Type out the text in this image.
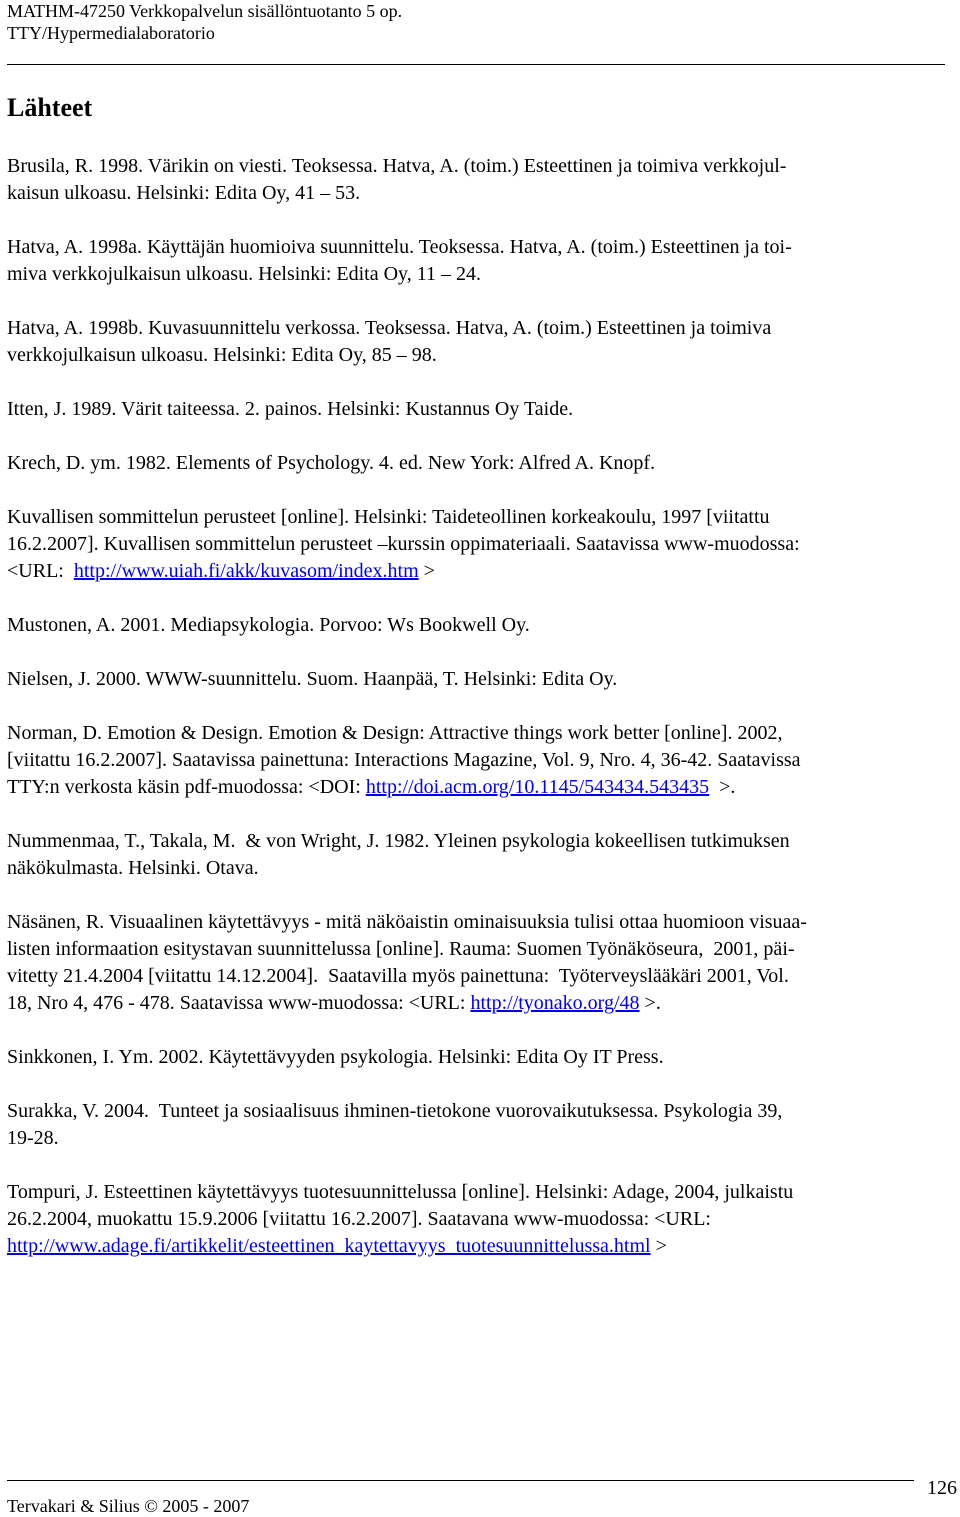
MATHM-47250 Verkkopalvelun sisällöntuotanto 5 op.
TTY/Hypermedialaboratorio
Lähteet
Brusila, R. 1998. Värikin on viesti. Teoksessa. Hatva, A. (toim.) Esteettinen ja toimiva verkkojul-
kaisun ulkoasu. Helsinki: Edita Oy, 41 – 53.
Hatva, A. 1998a. Käyttäjän huomioiva suunnittelu. Teoksessa. Hatva, A. (toim.) Esteettinen ja toi-
miva verkkojulkaisun ulkoasu. Helsinki: Edita Oy, 11 – 24.
Hatva, A. 1998b. Kuvasuunnittelu verkossa. Teoksessa. Hatva, A. (toim.) Esteettinen ja toimiva
verkkojulkaisun ulkoasu. Helsinki: Edita Oy, 85 – 98.
Itten, J. 1989. Värit taiteessa. 2. painos. Helsinki: Kustannus Oy Taide.
Krech, D. ym. 1982. Elements of Psychology. 4. ed. New York: Alfred A. Knopf.
Kuvallisen sommittelun perusteet [online]. Helsinki: Taideteollinen korkeakoulu, 1997 [viitattu
16.2.2007]. Kuvallisen sommittelun perusteet –kurssin oppimateriaali. Saatavissa www-muodossa:
<URL:  http://www.uiah.fi/akk/kuvasom/index.htm >
Mustonen, A. 2001. Mediapsykologia. Porvoo: Ws Bookwell Oy.
Nielsen, J. 2000. WWW-suunnittelu. Suom. Haanpää, T. Helsinki: Edita Oy.
Norman, D. Emotion & Design. Emotion & Design: Attractive things work better [online]. 2002,
[viitattu 16.2.2007]. Saatavissa painettuna: Interactions Magazine, Vol. 9, Nro. 4, 36-42. Saatavissa
TTY:n verkosta käsin pdf-muodossa: <DOI: http://doi.acm.org/10.1145/543434.543435  >.
Nummenmaa, T., Takala, M.  & von Wright, J. 1982. Yleinen psykologia kokeellisen tutkimuksen
näkökulmasta. Helsinki. Otava.
Näsänen, R. Visuaalinen käytettävyys - mitä näköaistin ominaisuuksia tulisi ottaa huomioon visuaa-
listen informaation esitystavan suunnittelussa [online]. Rauma: Suomen Työnäköseura,  2001, päi-
vitetty 21.4.2004 [viitattu 14.12.2004].  Saatavilla myös painettuna:  Työterveyslääkäri 2001, Vol.
18, Nro 4, 476 - 478. Saatavissa www-muodossa: <URL: http://tyonako.org/48 >.
Sinkkonen, I. Ym. 2002. Käytettävyyden psykologia. Helsinki: Edita Oy IT Press.
Surakka, V. 2004.  Tunteet ja sosiaalisuus ihminen-tietokone vuorovaikutuksessa. Psykologia 39,
19-28.
Tompuri, J. Esteettinen käytettävyys tuotesuunnittelussa [online]. Helsinki: Adage, 2004, julkaistu
26.2.2004, muokattu 15.9.2006 [viitattu 16.2.2007]. Saatavana www-muodossa: <URL:
http://www.adage.fi/artikkelit/esteettinen_kaytettavyys_tuotesuunnittelussa.html >
126
Tervakari & Silius © 2005 - 2007
